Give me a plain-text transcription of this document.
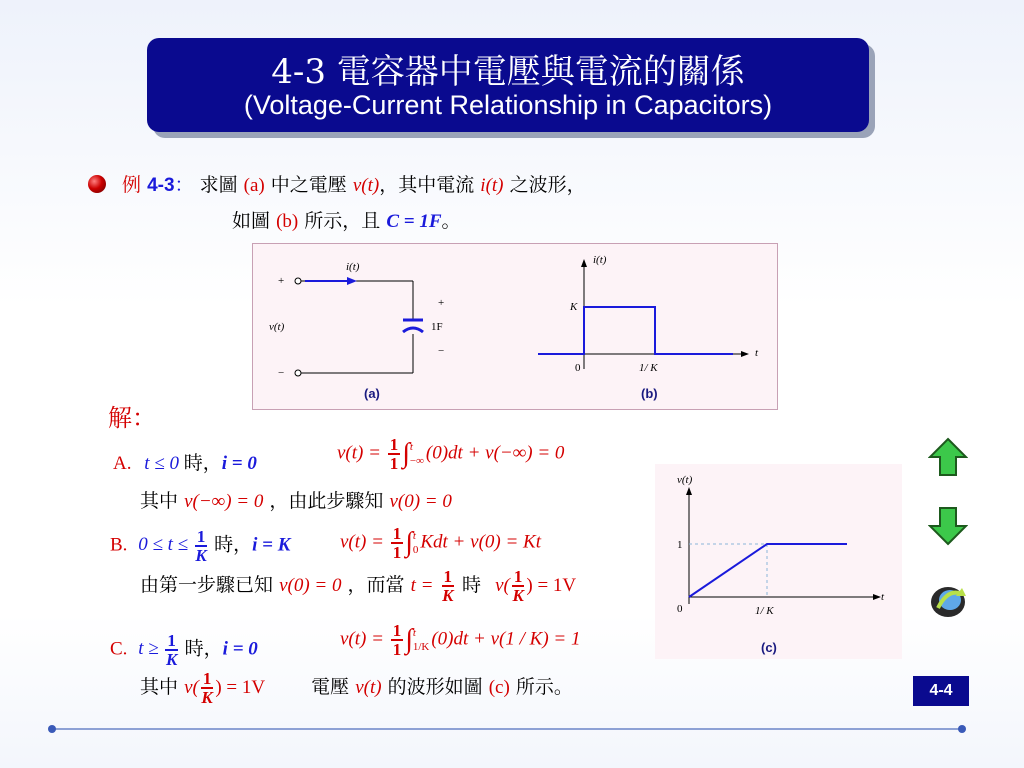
4-3 電容器中電壓與電流的關係
(Voltage-Current Relationship in Capacitors)
例 4-3： 求圖 (a) 中之電壓 v(t)，其中電流 i(t) 之波形，
如圖 (b) 所示，且 C = 1F。
i(t)
+
v(t)
−
+
1F
−
(a)
i(t)
K
t
0	1/ K
(b)
解：
A. t ≤ 0 時，i = 0
$v(t) = \frac{1}{1}$ ∫ t
−∞ (0)dt + v(−∞) = 0
其中 v(−∞) = 0 ，由此步驟知 v(0) = 0
B. $0 \le t \le \frac{1}{K}$ 時，i = K	$v(t) = \frac{1}{1}$ ∫ t
0 Kdt + v(0) = Kt
由第一步驟已知 v(0) = 0 ，而當 $t = \frac{1}{K}$ 時 $v( \frac{1}{K}$ ) = 1V
C. $t \ge \frac{1}{K}$ 時，i = 0	$v(t) = \frac{1}{1}$ ∫ t
1/K (0)dt + v(1 / K) = 1
其中 $v( \frac{1}{K}$ ) = 1V 電壓 v(t) 的波形如圖 (c) 所示。
v(t)
1
0
t
1/ K
(c)
4-4
